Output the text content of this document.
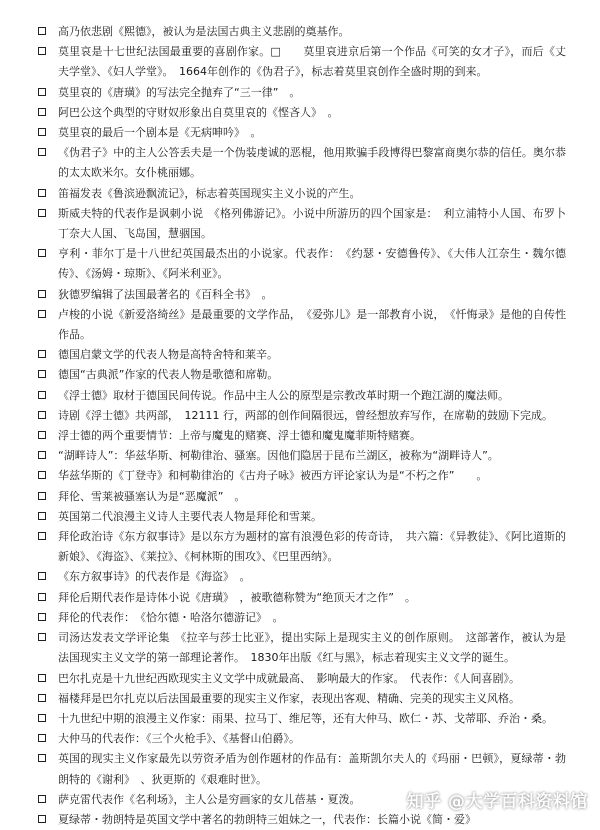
高乃依悲剧《熙德》，被认为是法国古典主义悲剧的奠基作。
莫里哀是十七世纪法国最重要的喜剧作家。□　　莫里哀进京后第一个作品《可笑的女才子》，而后《丈夫学堂》、《妇人学堂》。　1664年创作的《伪君子》，标志着莫里哀创作全盛时期的到来。
莫里哀的《唐璜》的写法完全抛弃了“三一律”　。
阿巴公这个典型的守财奴形象出自莫里哀的《悭吝人》　。
莫里哀的最后一个剧本是《无病呻吟》　。
《伪君子》中的主人公答丢夫是一个伪装虔诚的恶棍，他用欺骗手段博得巴黎富商奥尔恭的信任。奥尔恭的太太欧米尔。女仆桃丽娜。
笛福发表《鲁滨逊飘流记》，标志着英国现实主义小说的产生。
斯威夫特的代表作是讽刺小说　《格列佛游记》。小说中所游历的四个国家是：　利立浦特小人国、布罗卜丁奈大人国、飞岛国，慧骃国。
亨利・菲尔丁是十八世纪英国最杰出的小说家。代表作：　《约瑟・安德鲁传》、《大伟人江奈生・魏尔德传》、《汤姆・琼斯》、《阿米利亚》。
狄德罗编辑了法国最著名的《百科全书》　。
卢梭的小说《新爱洛绮丝》是最重要的文学作品，　《爱弥儿》是一部教育小说，　《忏悔录》是他的自传性作品。
德国启蒙文学的代表人物是高特舍特和莱辛。
德国“古典派”作家的代表人物是歌德和席勒。
《浮士德》取材于德国民间传说。作品中主人公的原型是宗教改革时期一个跑江湖的魔法师。
诗剧《浮士德》共两部，　12111 行，两部的创作间隔很远，曾经想放弃写作，在席勒的鼓励下完成。
浮士德的两个重要情节：上帝与魔鬼的赌赛、浮士德和魔鬼魔菲斯特赌赛。
“湖畔诗人”：华兹华斯、柯勒律治、骚塞。因他们隐居于昆布兰湖区，被称为“湖畔诗人”。
华兹华斯的《丁登寺》和柯勒律治的《古舟子咏》被西方评论家认为是“不朽之作”　　。
拜伦、雪莱被骚塞认为是“恶魔派”　。
英国第二代浪漫主义诗人主要代表人物是拜伦和雪莱。
拜伦政治诗《东方叙事诗》是以东方为题材的富有浪漫色彩的传奇诗，　共六篇：《异教徒》、《阿比道斯的新娘》、《海盗》、《莱拉》、《柯林斯的围攻》、《巴里西纳》。
《东方叙事诗》的代表作是《海盗》　。
拜伦后期代表作是诗体小说《唐璜》　，被歌德称赞为“绝顶天才之作”　。
拜伦的代表作：　《恰尔德・哈洛尔德游记》　。
司汤达发表文学评论集　《拉辛与莎士比亚》，提出实际上是现实主义的创作原则。　这部著作，被认为是法国现实主义文学的第一部理论著作。　1830年出版《红与黑》，标志着现实主义文学的诞生。
巴尔扎克是十九世纪西欧现实主义文学中成就最高、　影响最大的作家。　代表作：《人间喜剧》。
福楼拜是巴尔扎克以后法国最重要的现实主义作家，表现出客观、精确、完美的现实主义风格。
十九世纪中期的浪漫主义作家：雨果、拉马丁、维尼等，还有大仲马、欧仁・苏、戈蒂耶、乔治・桑。
大仲马的代表作：《三个火枪手》、《基督山伯爵》。
英国的现实主义作家最先以劳资矛盾为创作题材的作品有：盖斯凯尔夫人的《玛丽・巴顿》，夏绿蒂・勃朗特的《谢利》　、狄更斯的《艰难时世》。
萨克雷代表作《名利场》，主人公是穷画家的女儿蓓基・夏泼。
夏绿蒂・勃朗特是英国文学中著名的勃朗特三姐妹之一，代表作：长篇小说《简・爱》
知乎 @大学百科资料馆
